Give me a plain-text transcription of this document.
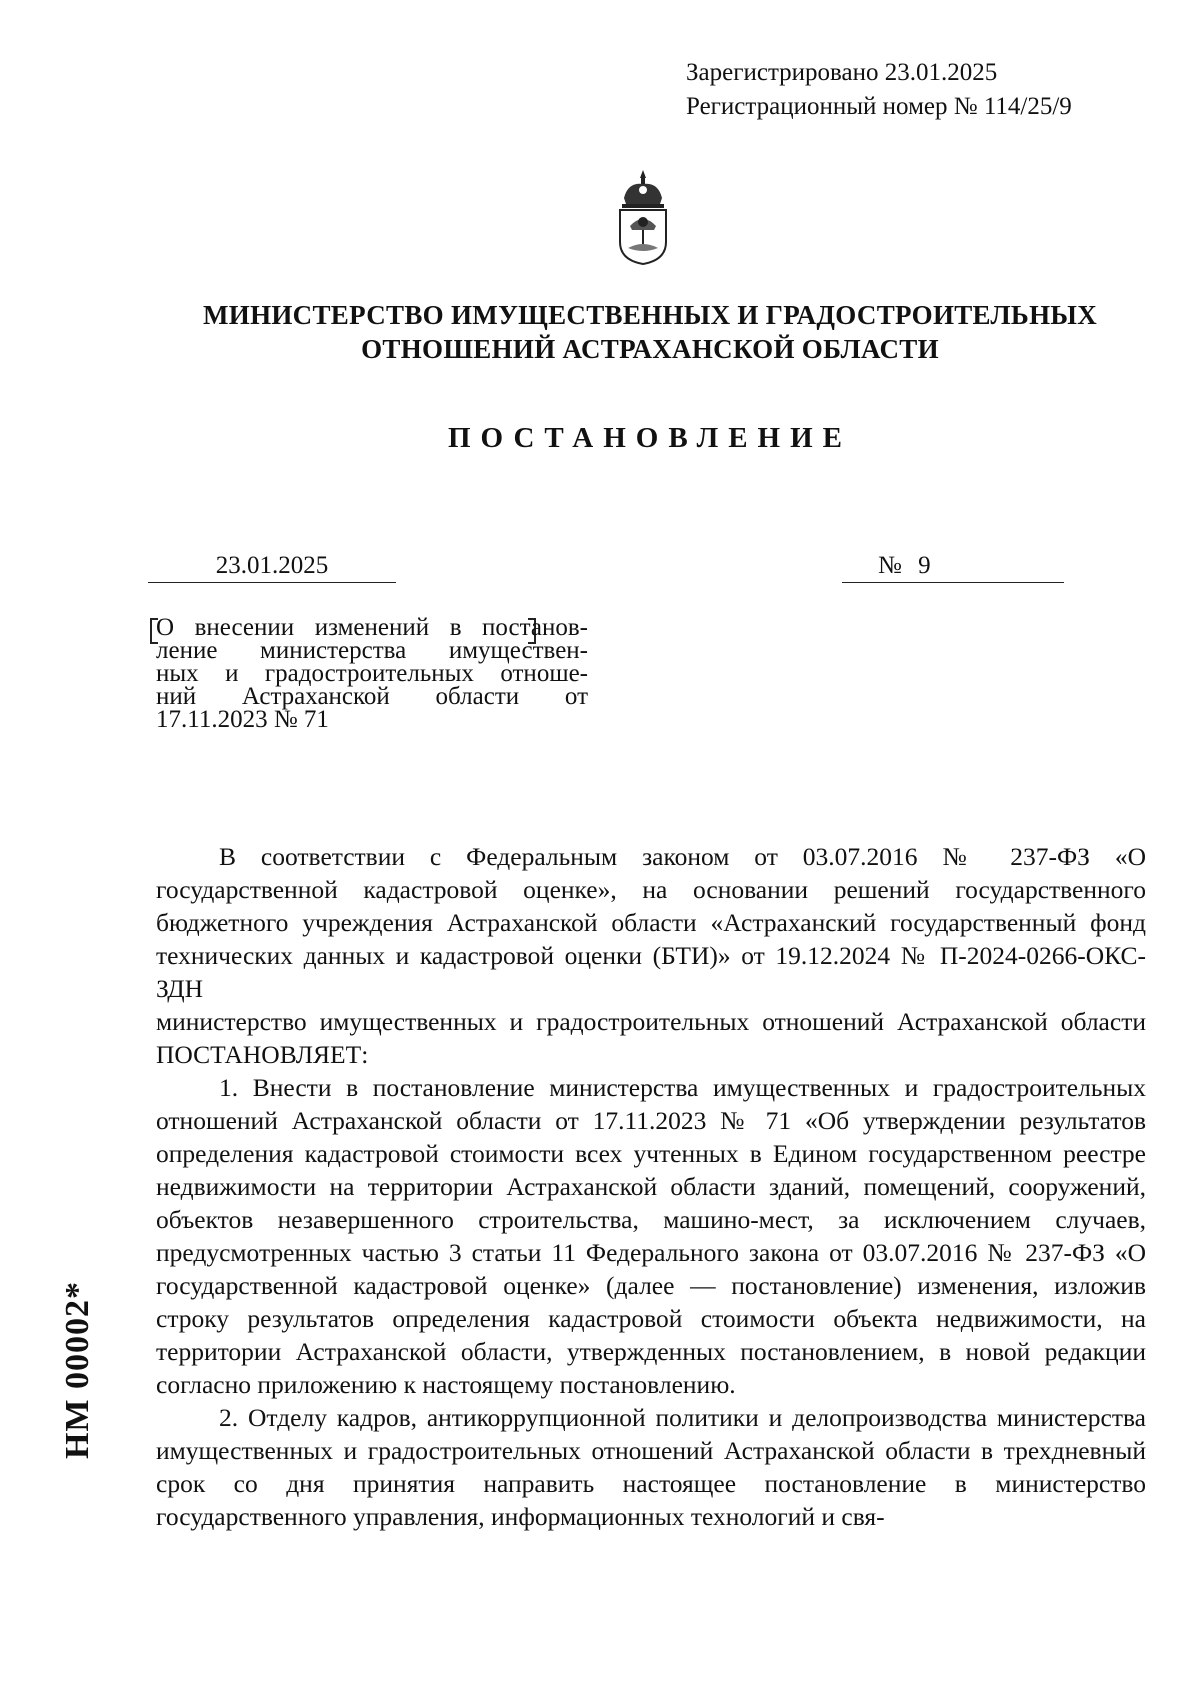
Зарегистрировано 23.01.2025
Регистрационный номер № 114/25/9
МИНИСТЕРСТВО ИМУЩЕСТВЕННЫХ И ГРАДОСТРОИТЕЛЬНЫХ
ОТНОШЕНИЙ АСТРАХАНСКОЙ ОБЛАСТИ
ПОСТАНОВЛЕНИЕ
23.01.2025	№ 9
О внесении изменений в постанов-
ление министерства имуществен-
ных и градостроительных отноше-
ний Астраханской области от
17.11.2023 № 71

В соответствии с Федеральным законом от 03.07.2016 № 237-ФЗ «О государственной кадастровой оценке», на основании решений государственного бюджетного учреждения Астраханской области «Астраханский государственный фонд технических данных и кадастровой оценки (БТИ)» от 19.12.2024 № П-2024-0266-ОКС-ЗДН

министерство имущественных и градостроительных отношений Астраханской области ПОСТАНОВЛЯЕТ:

1. Внести в постановление министерства имущественных и градостроительных отношений Астраханской области от 17.11.2023 № 71 «Об утверждении результатов определения кадастровой стоимости всех учтенных в Едином государственном реестре недвижимости на территории Астраханской области зданий, помещений, сооружений, объектов незавершенного строительства, машино-мест, за исключением случаев, предусмотренных частью 3 статьи 11 Федерального закона от 03.07.2016 № 237-ФЗ «О государственной кадастровой оценке» (далее — постановление) изменения, изложив строку результатов определения кадастровой стоимости объекта недвижимости, на территории Астраханской области, утвержденных постановлением, в новой редакции согласно приложению к настоящему постановлению.

2. Отделу кадров, антикоррупционной политики и делопроизводства министерства имущественных и градостроительных отношений Астраханской области в трехдневный срок со дня принятия направить настоящее постановление в министерство государственного управления, информационных технологий и свя-

НМ 00002*
